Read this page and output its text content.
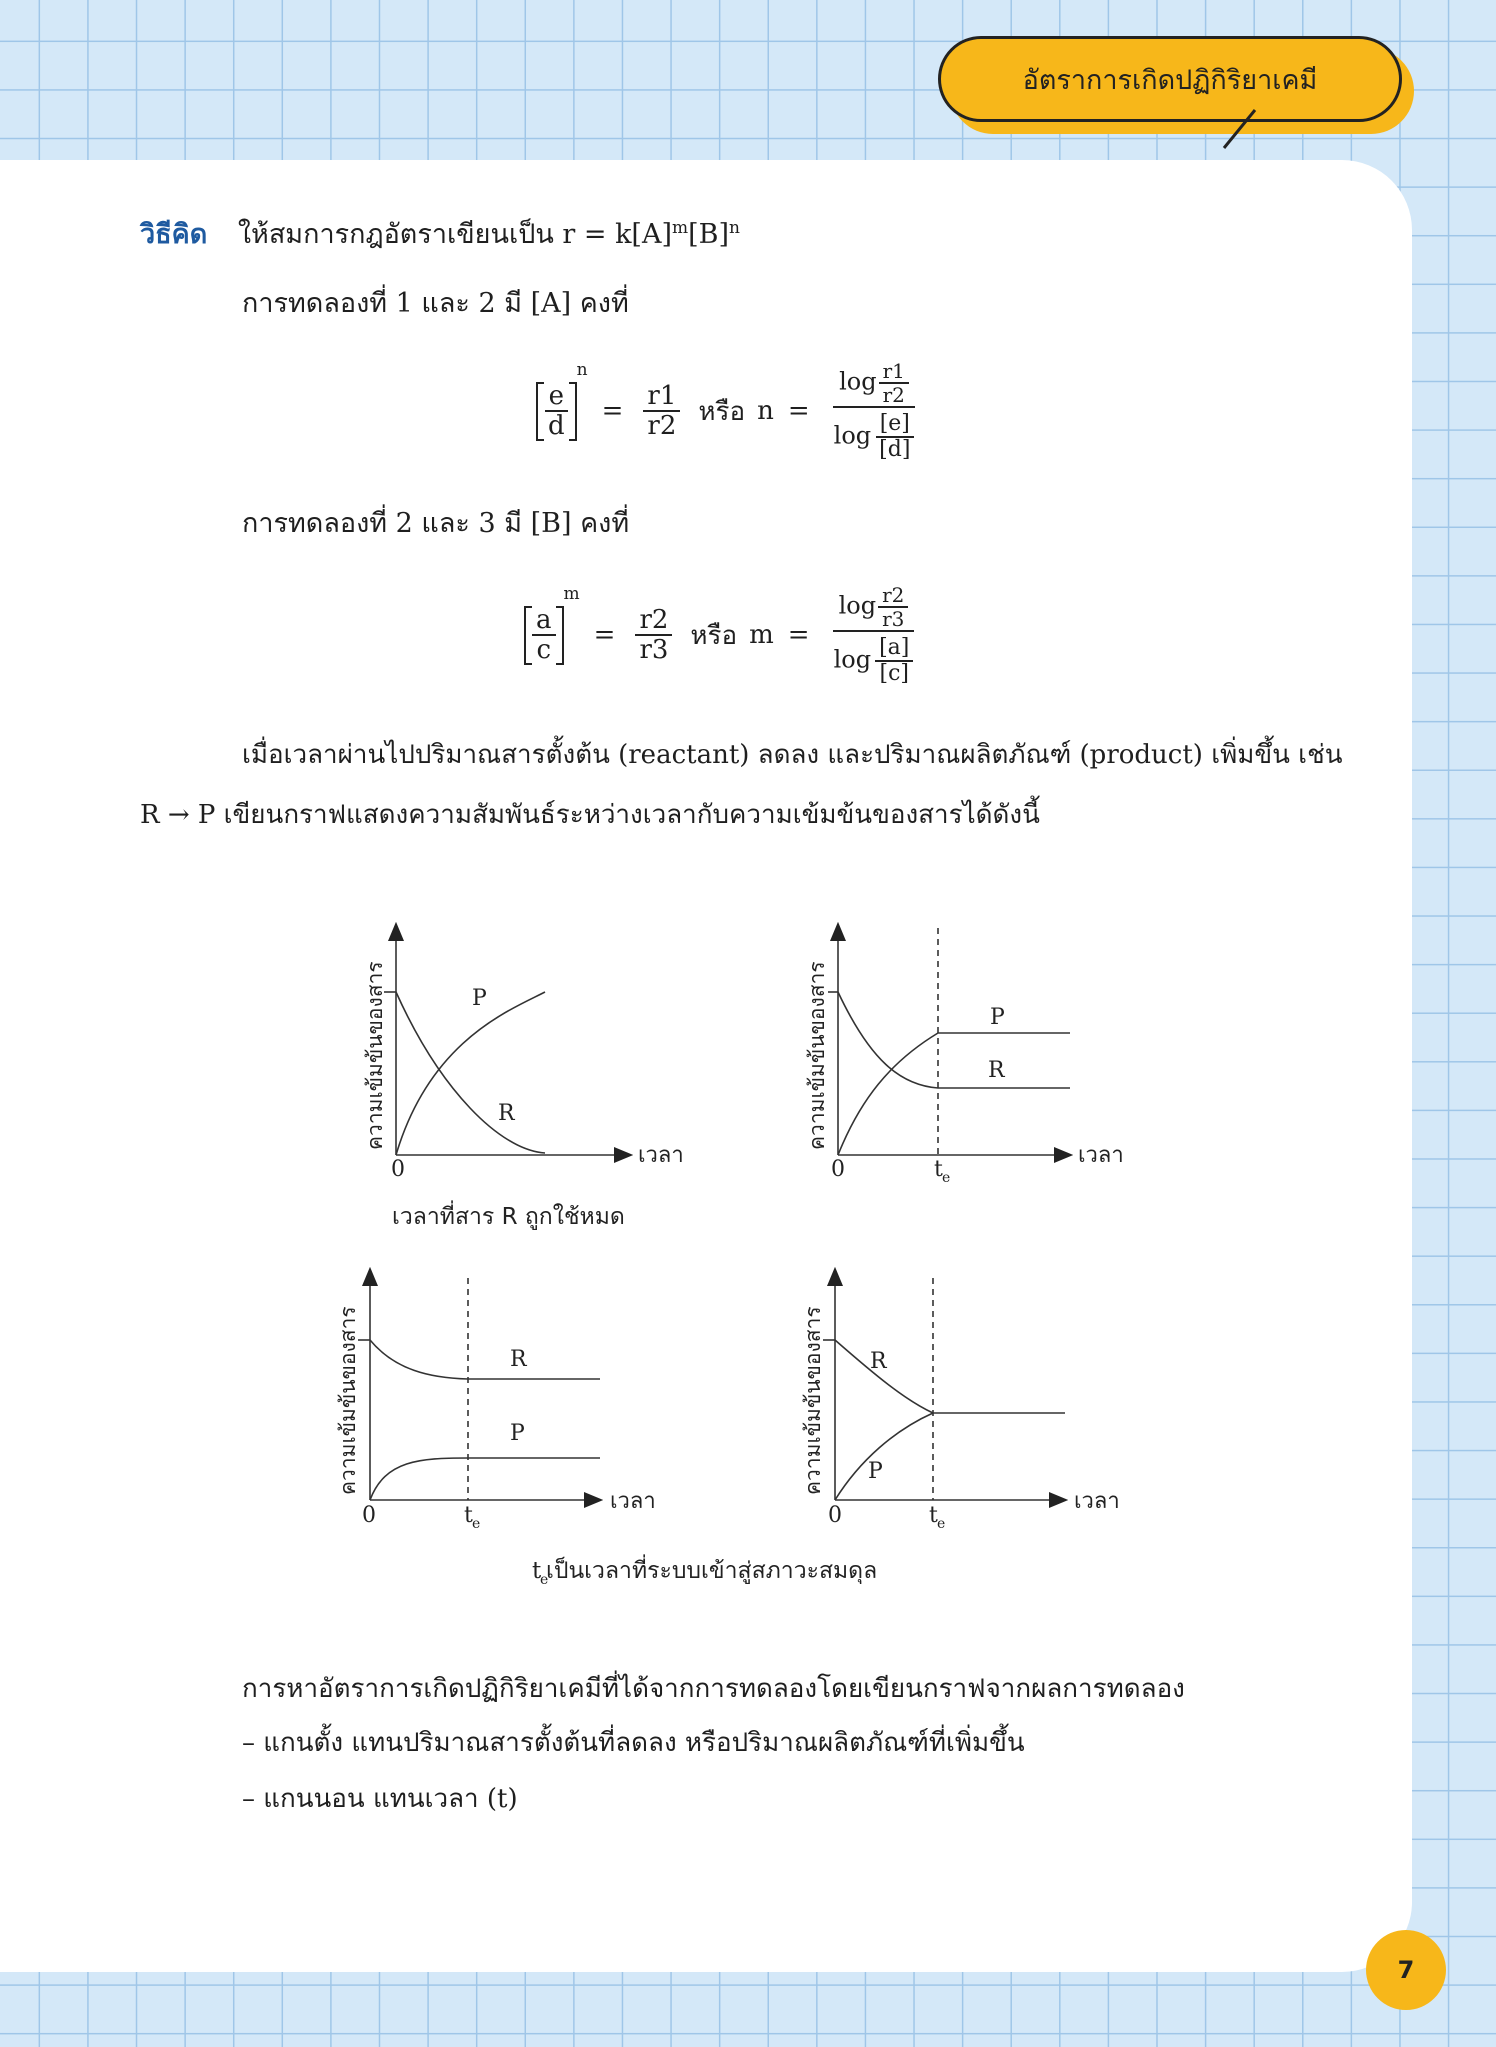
อัตราการเกิดปฏิกิริยาเคมี
วิธีคิด ให้สมการกฎอัตราเขียนเป็น $r = k[A]^m[B]^n$
การทดลองที่ 1 และ 2 มี [A] คงที่
$\frac{e}{d}$
n
= $\frac{r1}{r2}$ หรือ $n = \frac{\log \frac{r1}{r2}}{\log \frac{[e]}{[d]}}$
การทดลองที่ 2 และ 3 มี [B] คงที่
$\frac{a}{c}$
m
= $\frac{r2}{r3}$ หรือ $m = \frac{\log \frac{r2}{r3}}{\log \frac{[a]}{[c]}}$
เมื่อเวลาผ่านไปปริมาณสารตั้งต้น (reactant) ลดลง และปริมาณผลิตภัณฑ์ (product) เพิ่มขึ้น เช่น
R → P เขียนกราฟแสดงความสัมพันธ์ระหว่างเวลากับความเข้มข้นของสารได้ดังนี้
P
R
0
เวลา
ความเข้มข้นของสาร
เวลาที่สาร R ถูกใช้หมด
P
R
0	t e
เวลา
ความเข้มข้นของสาร
R
P
0	t e
เวลา
ความเข้มข้นของสาร	R
P
0	t e
เวลา
ความเข้มข้นของสาร
t
e
เป็นเวลาที่ระบบเข้าสู่สภาวะสมดุล
การหาอัตราการเกิดปฏิกิริยาเคมีที่ได้จากการทดลองโดยเขียนกราฟจากผลการทดลอง
– แกนตั้ง แทนปริมาณสารตั้งต้นที่ลดลง หรือปริมาณผลิตภัณฑ์ที่เพิ่มขึ้น
– แกนนอน แทนเวลา (t)
7
